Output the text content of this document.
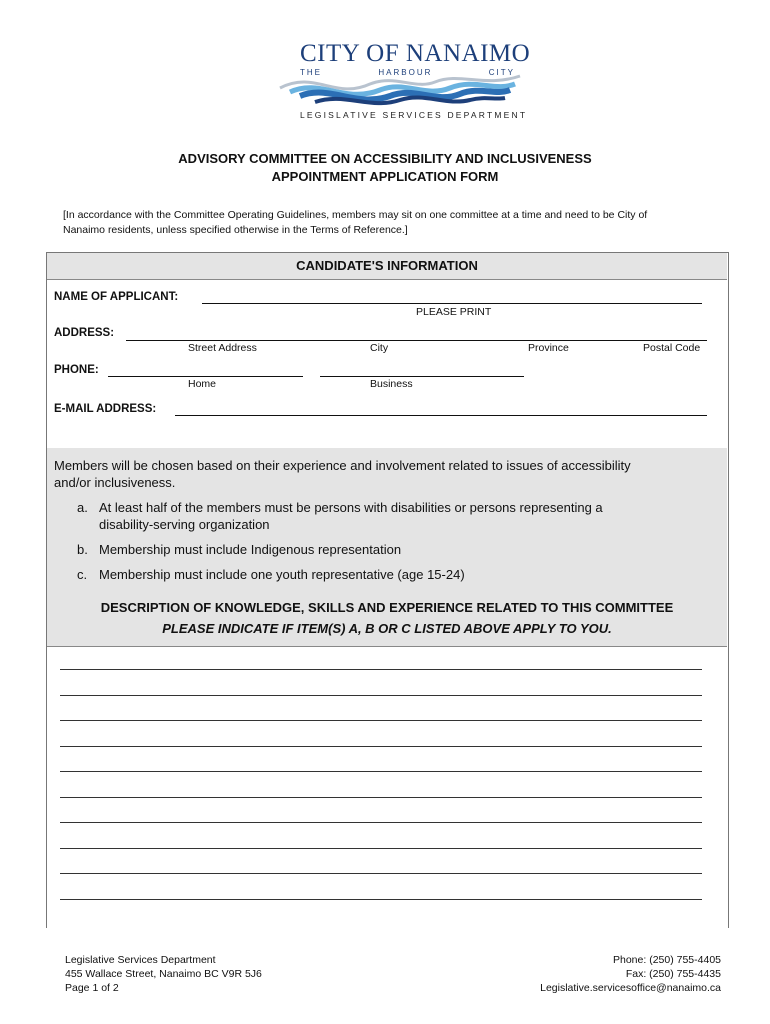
CITY OF NANAIMO
THE	HARBOUR	CITY
LEGISLATIVE SERVICES DEPARTMENT
ADVISORY COMMITTEE ON ACCESSIBILITY AND INCLUSIVENESS
APPOINTMENT APPLICATION FORM
[In accordance with the Committee Operating Guidelines, members may sit on one committee at a time and need to be City of
Nanaimo residents, unless specified otherwise in the Terms of Reference.]
CANDIDATE'S INFORMATION
NAME OF APPLICANT:
PLEASE PRINT
ADDRESS:
Street Address	City	Province	Postal Code
PHONE:
Home	Business
E-MAIL ADDRESS:
Members will be chosen based on their experience and involvement related to issues of accessibility
and/or inclusiveness.
a. At least half of the members must be persons with disabilities or persons representing a
disability-serving organization
b. Membership must include Indigenous representation
c. Membership must include one youth representative (age 15-24)
DESCRIPTION OF KNOWLEDGE, SKILLS AND EXPERIENCE RELATED TO THIS COMMITTEE
PLEASE INDICATE IF ITEM(S) A, B OR C LISTED ABOVE APPLY TO YOU.
Legislative Services Department
455 Wallace Street, Nanaimo BC V9R 5J6
Page 1 of 2
Phone: (250) 755-4405
Fax: (250) 755-4435
Legislative.servicesoffice@nanaimo.ca
